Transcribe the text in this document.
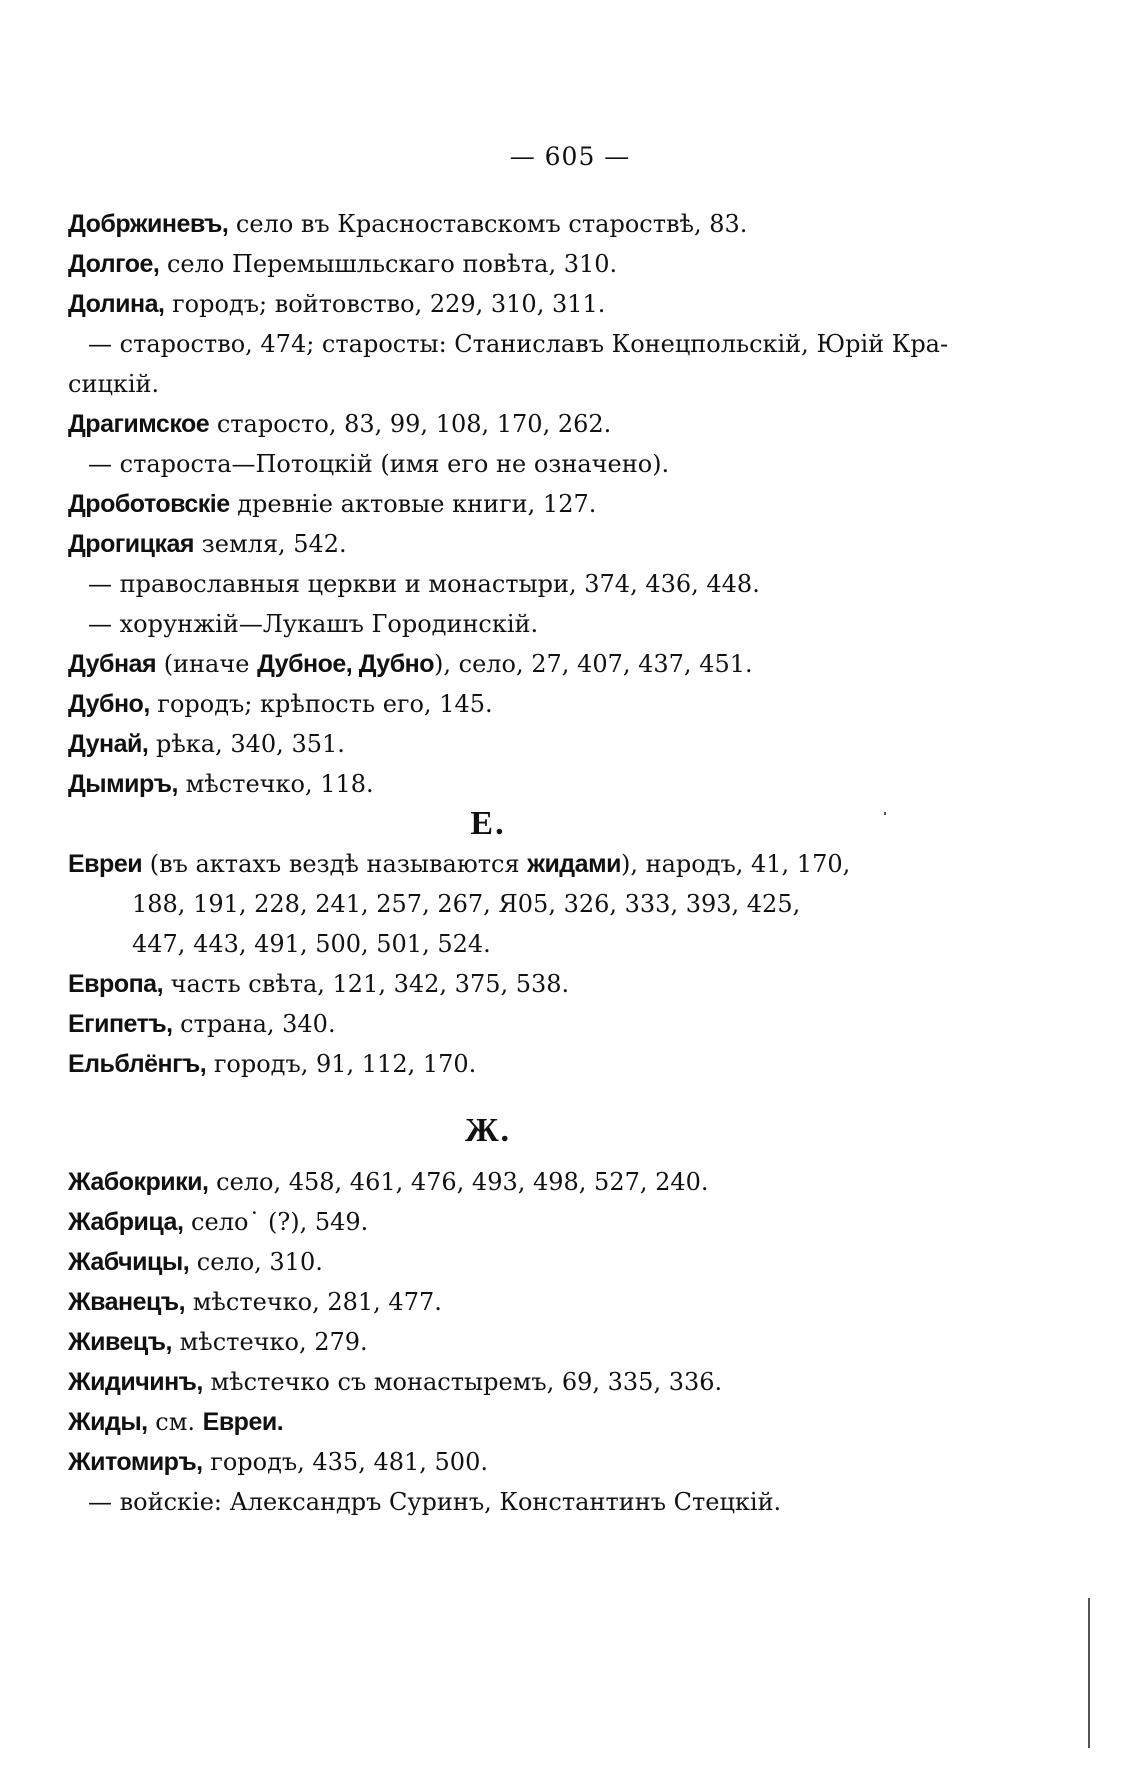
— 605 —
Добржиневъ, село въ Красноставскомъ староствѣ, 83.
Долгое, село Перемышльскаго повѣта, 310.
Долина, городъ; войтовство, 229, 310, 311.
— староство, 474; старосты: Станиславъ Конецпольскій, Юрій Кра-
сицкій.
Драгимское старосто, 83, 99, 108, 170, 262.
— староста—Потоцкій (имя его не означено).
Дроботовскіе древніе актовые книги, 127.
Дрогицкая земля, 542.
— православныя церкви и монастыри, 374, 436, 448.
— хорунжій—Лукашъ Городинскій.
Дубная (иначе Дубное, Дубно), село, 27, 407, 437, 451.
Дубно, городъ; крѣпость его, 145.
Дунай, рѣка, 340, 351.
Дымиръ, мѣстечко, 118.
Е.
Евреи (въ актахъ вездѣ называются жидами), народъ, 41, 170,
188, 191, 228, 241, 257, 267, Я05, 326, 333, 393, 425,
447, 443, 491, 500, 501, 524.
Европа, часть свѣта, 121, 342, 375, 538.
Египетъ, страна, 340.
Ельблёнгъ, городъ, 91, 112, 170.
Ж.
Жабокрики, село, 458, 461, 476, 493, 498, 527, 240.
Жабрица, село˙ (?), 549.
Жабчицы, село, 310.
Жванецъ, мѣстечко, 281, 477.
Живецъ, мѣстечко, 279.
Жидичинъ, мѣстечко съ монастыремъ, 69, 335, 336.
Жиды, см. Евреи.
Житомиръ, городъ, 435, 481, 500.
— войскіе: Александръ Суринъ, Константинъ Стецкій.
